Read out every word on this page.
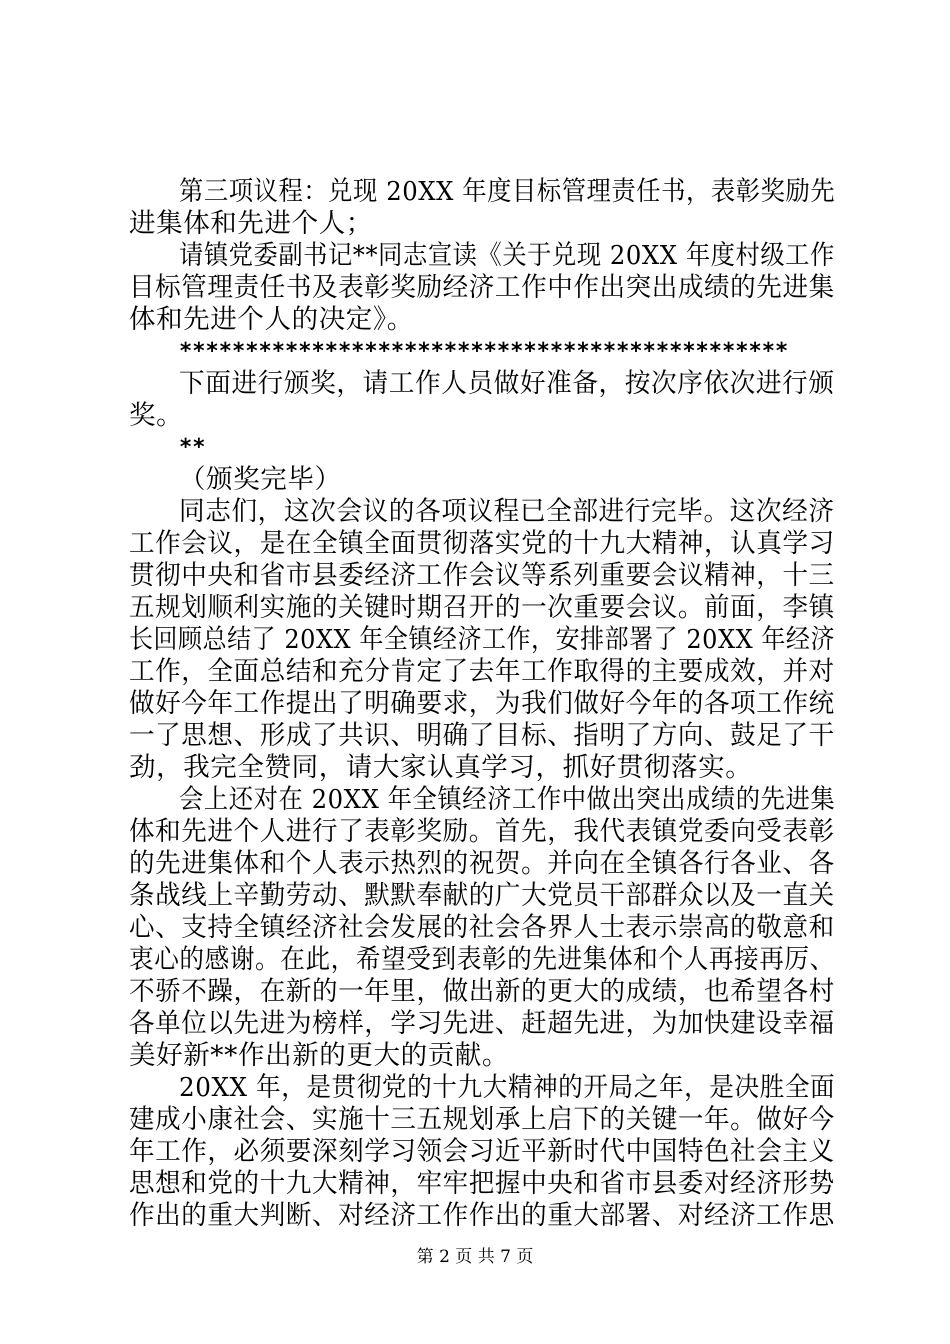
第三项议程：兑现 20XX 年度目标管理责任书，表彰奖励先
进集体和先进个人；
请镇党委副书记**同志宣读《关于兑现 20XX 年度村级工作
目标管理责任书及表彰奖励经济工作中作出突出成绩的先进集
体和先进个人的决定》。
**********************************************
下面进行颁奖，请工作人员做好准备，按次序依次进行颁
奖。
**
（颁奖完毕）
同志们，这次会议的各项议程已全部进行完毕。这次经济
工作会议，是在全镇全面贯彻落实党的十九大精神，认真学习
贯彻中央和省市县委经济工作会议等系列重要会议精神，十三
五规划顺利实施的关键时期召开的一次重要会议。前面，李镇
长回顾总结了 20XX 年全镇经济工作，安排部署了 20XX 年经济
工作，全面总结和充分肯定了去年工作取得的主要成效，并对
做好今年工作提出了明确要求，为我们做好今年的各项工作统
一了思想、形成了共识、明确了目标、指明了方向、鼓足了干
劲，我完全赞同，请大家认真学习，抓好贯彻落实。
会上还对在 20XX 年全镇经济工作中做出突出成绩的先进集
体和先进个人进行了表彰奖励。首先，我代表镇党委向受表彰
的先进集体和个人表示热烈的祝贺。并向在全镇各行各业、各
条战线上辛勤劳动、默默奉献的广大党员干部群众以及一直关
心、支持全镇经济社会发展的社会各界人士表示崇高的敬意和
衷心的感谢。在此，希望受到表彰的先进集体和个人再接再厉、
不骄不躁，在新的一年里，做出新的更大的成绩，也希望各村
各单位以先进为榜样，学习先进、赶超先进，为加快建设幸福
美好新**作出新的更大的贡献。
20XX 年，是贯彻党的十九大精神的开局之年，是决胜全面
建成小康社会、实施十三五规划承上启下的关键一年。做好今
年工作，必须要深刻学习领会习近平新时代中国特色社会主义
思想和党的十九大精神，牢牢把握中央和省市县委对经济形势
作出的重大判断、对经济工作作出的重大部署、对经济工作思
第 2 页 共 7 页
